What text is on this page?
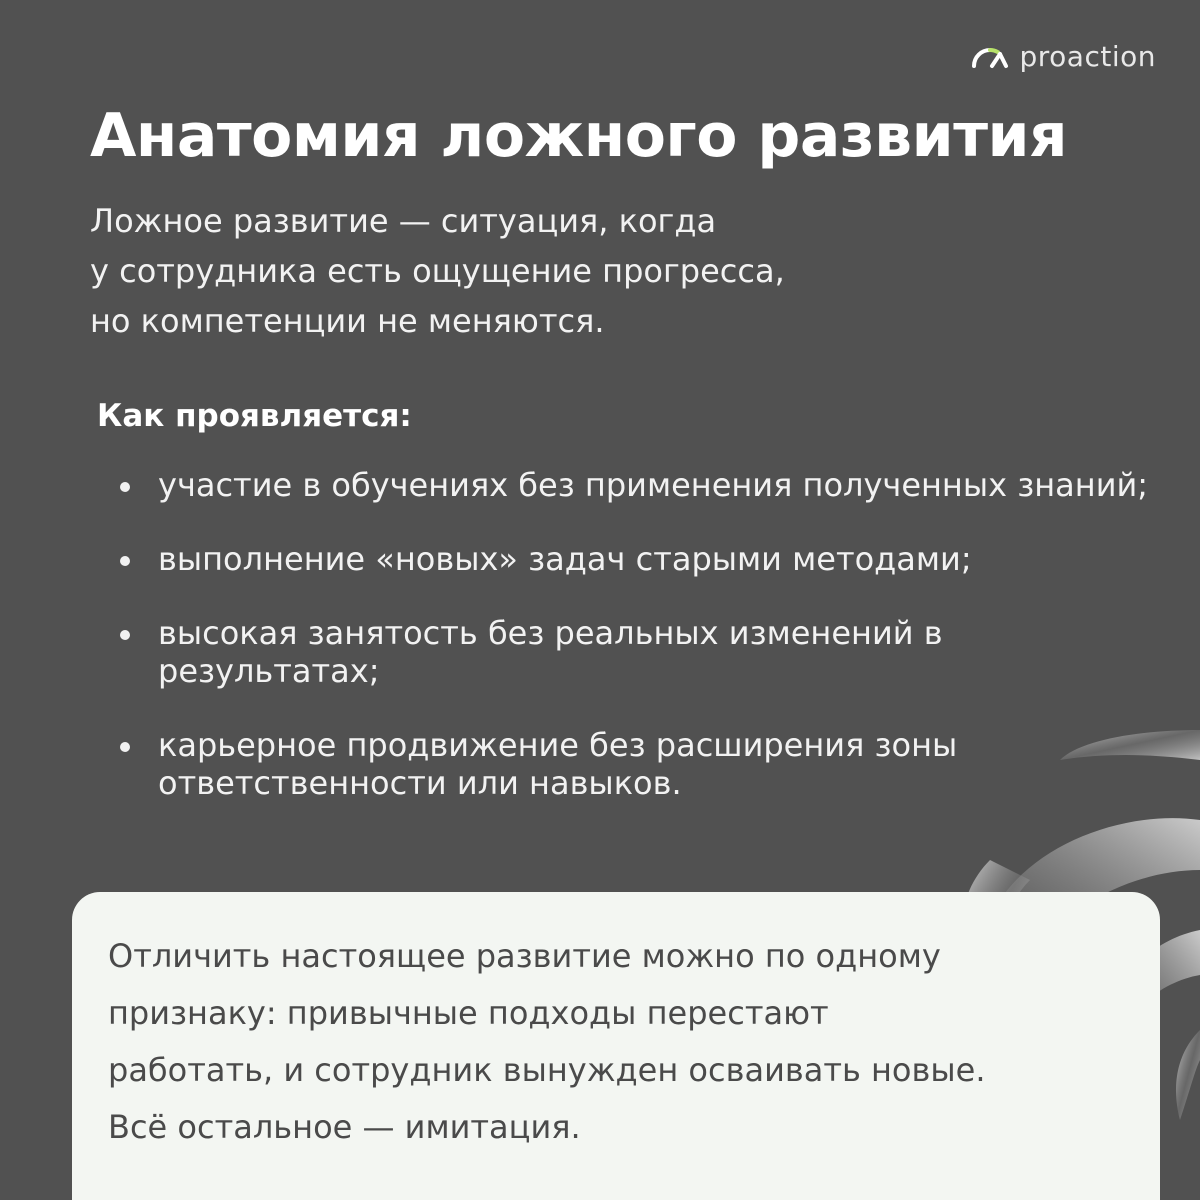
proaction
Анатомия ложного развития

Ложное развитие — ситуация, когда
у сотрудника есть ощущение прогресса,
но компетенции не меняются.

Как проявляется:
участие в обучениях без применения полученных знаний;
выполнение «новых» задач старыми методами;
высокая занятость без реальных изменений в результатах;
карьерное продвижение без расширения зоны ответственности или навыков.

Отличить настоящее развитие можно по одному
признаку: привычные подходы перестают
работать, и сотрудник вынужден осваивать новые.
Всё остальное — имитация.
